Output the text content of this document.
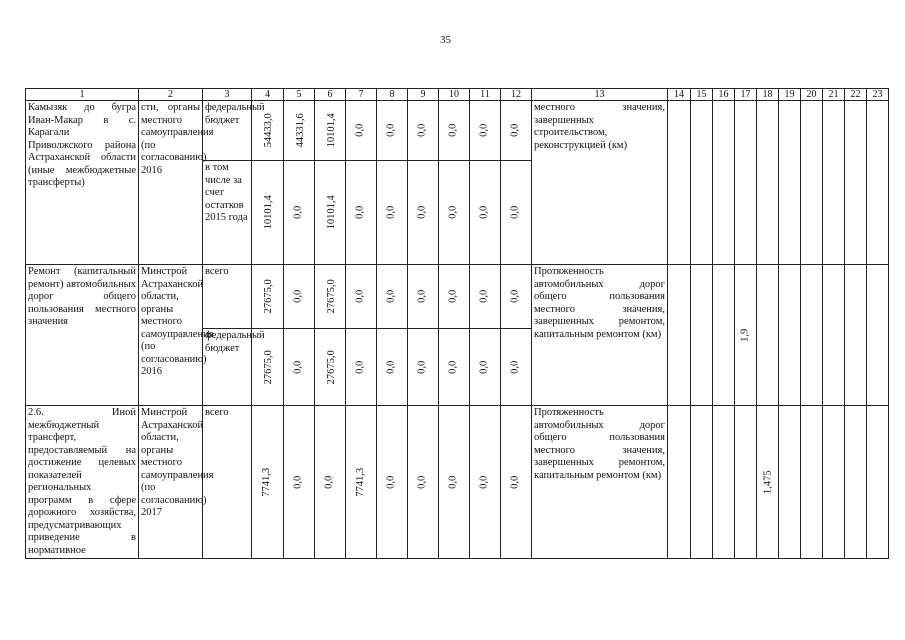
35
1	2	3	4	5	6	7	8	9	10	11	12	13	14	15	16	17	18	19	20	21	22	23
Камызяк до бугра Иван-Макар в с. Карагали Приволжского района Астраханской области (иные межбюджетные трансферты)	сти, органы местного самоуправления (по согласованию) 2016	федеральный бюджет	54433,0	44331,6	10101,4	0,0	0,0	0,0	0,0	0,0	0,0	местного значения, завершенных строительством, реконструкцией (км)										
		в том числе за счет остатков 2015 года	10101,4	0,0	10101,4	0,0	0,0	0,0	0,0	0,0	0,0											
Ремонт (капитальный ремонт) автомобильных дорог общего пользования местного значения	Минстрой Астраханской области, органы местного самоуправления (по согласованию) 2016	всего	27675,0	0,0	27675,0	0,0	0,0	0,0	0,0	0,0	0,0	Протяженность автомобильных дорог общего пользования местного значения, завершенных ремонтом, капитальным ремонтом (км)				1,9						
		федеральный бюджет	27675,0	0,0	27675,0	0,0	0,0	0,0	0,0	0,0	0,0											
2.6. Иной межбюджетный трансферт, предоставляемый на достижение целевых показателей региональных программ в сфере дорожного хозяйства, предусматривающих приведение в нормативное	Минстрой Астраханской области, органы местного самоуправления (по согласованию) 2017	всего	7741,3	0,0	0,0	7741,3	0,0	0,0	0,0	0,0	0,0	Протяженность автомобильных дорог общего пользования местного значения, завершенных ремонтом, капитальным ремонтом (км)					1,475					
